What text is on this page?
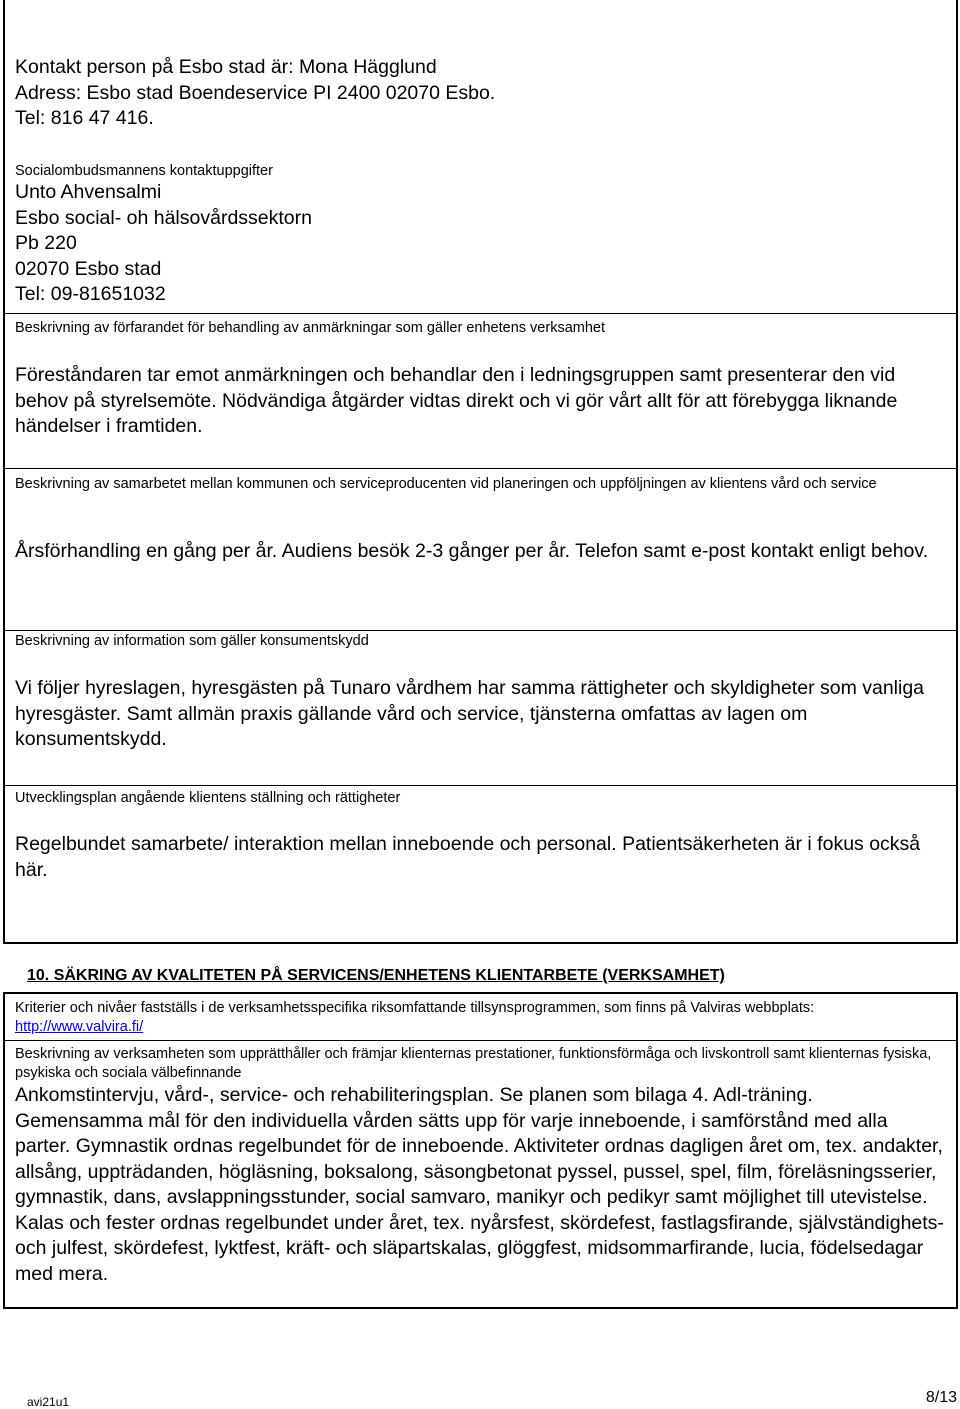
Kontakt person på Esbo stad är: Mona Hägglund
Adress: Esbo stad Boendeservice PI 2400 02070 Esbo.
Tel: 816 47 416.

Socialombudsmannens kontaktuppgifter

Unto Ahvensalmi
Esbo social- oh hälsovårdssektorn
Pb 220
02070 Esbo stad
Tel: 09-81651032

Beskrivning av förfarandet för behandling av anmärkningar som gäller enhetens verksamhet

Föreståndaren tar emot anmärkningen och behandlar den i ledningsgruppen samt presenterar den vid behov på styrelsemöte. Nödvändiga åtgärder vidtas direkt och vi gör vårt allt för att förebygga liknande händelser i framtiden.

Beskrivning av samarbetet mellan kommunen och serviceproducenten vid planeringen och uppföljningen av klientens vård och service

Årsförhandling en gång per år. Audiens besök 2-3 gånger per år. Telefon samt e-post kontakt enligt behov.

Beskrivning av information som gäller konsumentskydd

Vi följer hyreslagen, hyresgästen på Tunaro vårdhem har samma rättigheter och skyldigheter som vanliga hyresgäster. Samt allmän praxis gällande vård och service, tjänsterna omfattas av lagen om konsumentskydd.

Utvecklingsplan angående klientens ställning och rättigheter

Regelbundet samarbete/ interaktion mellan inneboende och personal. Patientsäkerheten är i fokus också här.

10. SÄKRING AV KVALITETEN PÅ SERVICENS/ENHETENS KLIENTARBETE (VERKSAMHET)

Kriterier och nivåer fastställs i de verksamhetsspecifika riksomfattande tillsynsprogrammen, som finns på Valviras webbplats:
http://www.valvira.fi/

Beskrivning av verksamheten som upprätthåller och främjar klienternas prestationer, funktionsförmåga och livskontroll samt klienternas fysiska, psykiska och sociala välbefinnande

Ankomstintervju, vård-, service- och rehabiliteringsplan. Se planen som bilaga 4. Adl-träning. Gemensamma mål för den individuella vården sätts upp för varje inneboende, i samförstånd med alla parter. Gymnastik ordnas regelbundet för de inneboende. Aktiviteter ordnas dagligen året om, tex. andakter, allsång, uppträdanden, högläsning, boksalong, säsongbetonat pyssel, pussel, spel, film, föreläsningsserier, gymnastik, dans, avslappningsstunder, social samvaro, manikyr och pedikyr samt möjlighet till utevistelse. Kalas och fester ordnas regelbundet under året, tex. nyårsfest, skördefest, fastlagsfirande, självständighets- och julfest, skördefest, lyktfest, kräft- och släpartskalas, glöggfest, midsommarfirande, lucia, födelsedagar med mera.

avi21u1	8/13
